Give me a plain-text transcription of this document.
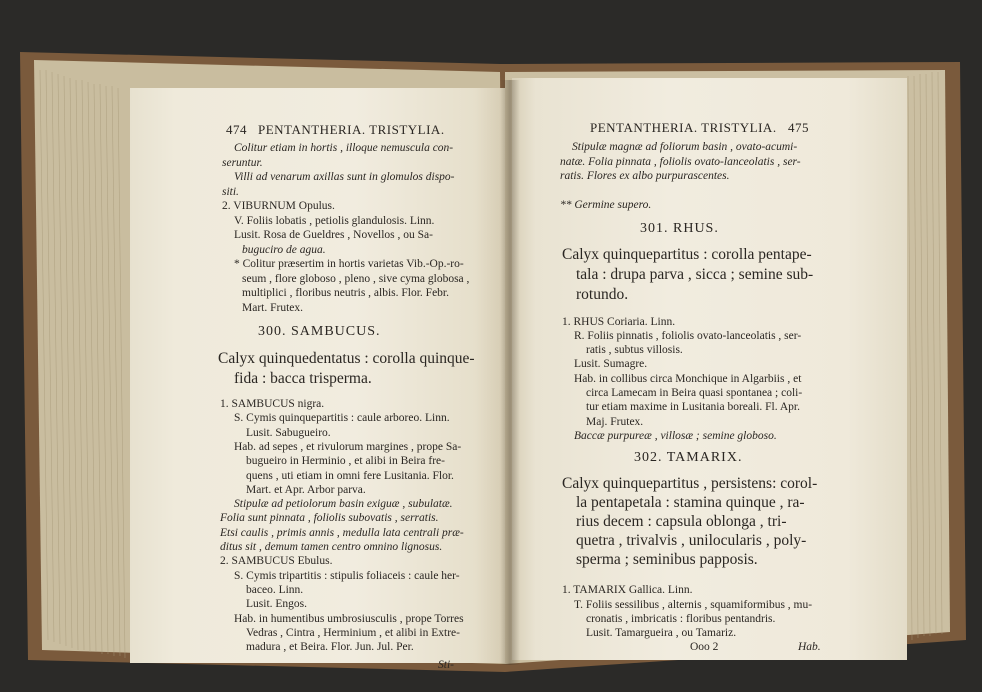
474 PENTANTHERIA. TRISTYLIA.
Colitur etiam in hortis , illoque nemuscula con-
seruntur.
Villi ad venarum axillas sunt in glomulos dispo-
siti.
2. VIBURNUM Opulus.
V. Foliis lobatis , petiolis glandulosis. Linn.
Lusit. Rosa de Gueldres , Novellos , ou Sa-
buguciro de agua.
* Colitur præsertim in hortis varietas Vib.-Op.-ro-
seum , flore globoso , pleno , sive cyma globosa ,
multiplici , floribus neutris , albis. Flor. Febr.
Mart. Frutex.
300. SAMBUCUS.
Calyx quinquedentatus : corolla quinque-
fida : bacca trisperma.
1. SAMBUCUS nigra.
S. Cymis quinquepartitis : caule arboreo. Linn.
Lusit. Sabugueiro.
Hab. ad sepes , et rivulorum margines , prope Sa-
bugueiro in Herminio , et alibi in Beira fre-
quens , uti etiam in omni fere Lusitania. Flor.
Mart. et Apr. Arbor parva.
Stipulæ ad petiolorum basin exiguæ , subulatæ.
Folia sunt pinnata , foliolis subovatis , serratis.
Etsi caulis , primis annis , medulla lata centrali præ-
ditus sit , demum tamen centro omnino lignosus.
2. SAMBUCUS Ebulus.
S. Cymis tripartitis : stipulis foliaceis : caule her-
baceo. Linn.
Lusit. Engos.
Hab. in humentibus umbrosiusculis , prope Torres
Vedras , Cintra , Herminium , et alibi in Extre-
madura , et Beira. Flor. Jun. Jul. Per.
Sti-
PENTANTHERIA. TRISTYLIA. 475
Stipulæ magnæ ad foliorum basin , ovato-acumi-
natæ. Folia pinnata , foliolis ovato-lanceolatis , ser-
ratis. Flores ex albo purpurascentes.
** Germine supero.
301. RHUS.
Calyx quinquepartitus : corolla pentape-
tala : drupa parva , sicca ; semine sub-
rotundo.
1. RHUS Coriaria. Linn.
R. Foliis pinnatis , foliolis ovato-lanceolatis , ser-
ratis , subtus villosis.
Lusit. Sumagre.
Hab. in collibus circa Monchique in Algarbiis , et
circa Lamecam in Beira quasi spontanea ; coli-
tur etiam maxime in Lusitania boreali. Fl. Apr.
Maj. Frutex.
Baccæ purpureæ , villosæ ; semine globoso.
302. TAMARIX.
Calyx quinquepartitus , persistens: corol-
la pentapetala : stamina quinque , ra-
rius decem : capsula oblonga , tri-
quetra , trivalvis , unilocularis , poly-
sperma ; seminibus papposis.
1. TAMARIX Gallica. Linn.
T. Foliis sessilibus , alternis , squamiformibus , mu-
cronatis , imbricatis : floribus pentandris.
Lusit. Tamargueira , ou Tamariz.
Ooo 2	Hab.
